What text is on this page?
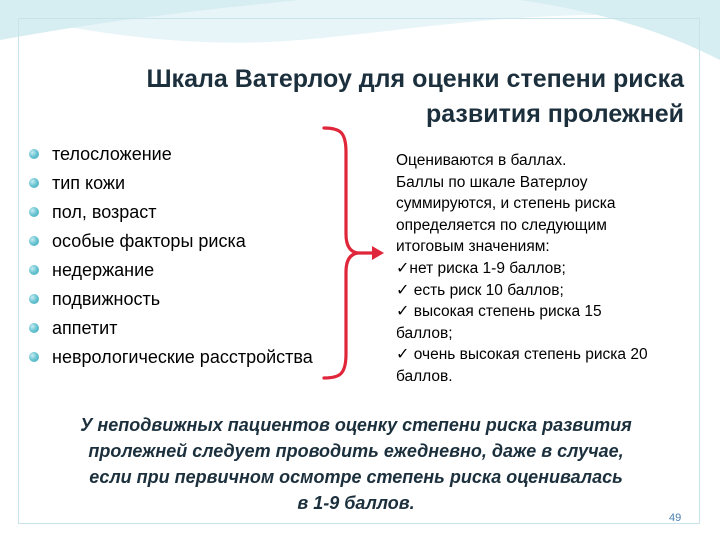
Шкала Ватерлоу для оценки степени риска
развития пролежней
телосложение
тип кожи
пол, возраст
особые факторы риска
недержание
подвижность
аппетит
неврологические расстройства
Оцениваются в баллах.
Баллы по шкале Ватерлоу
суммируются, и степень риска
определяется по следующим
итоговым значениям:
✓нет риска 1-9 баллов;
✓ есть риск 10 баллов;
✓ высокая степень риска 15
баллов;
✓ очень высокая степень риска 20
баллов.
У неподвижных пациентов оценку степени риска развития
пролежней следует проводить ежедневно, даже в случае,
если при первичном осмотре степень риска оценивалась
в 1-9 баллов.
49
